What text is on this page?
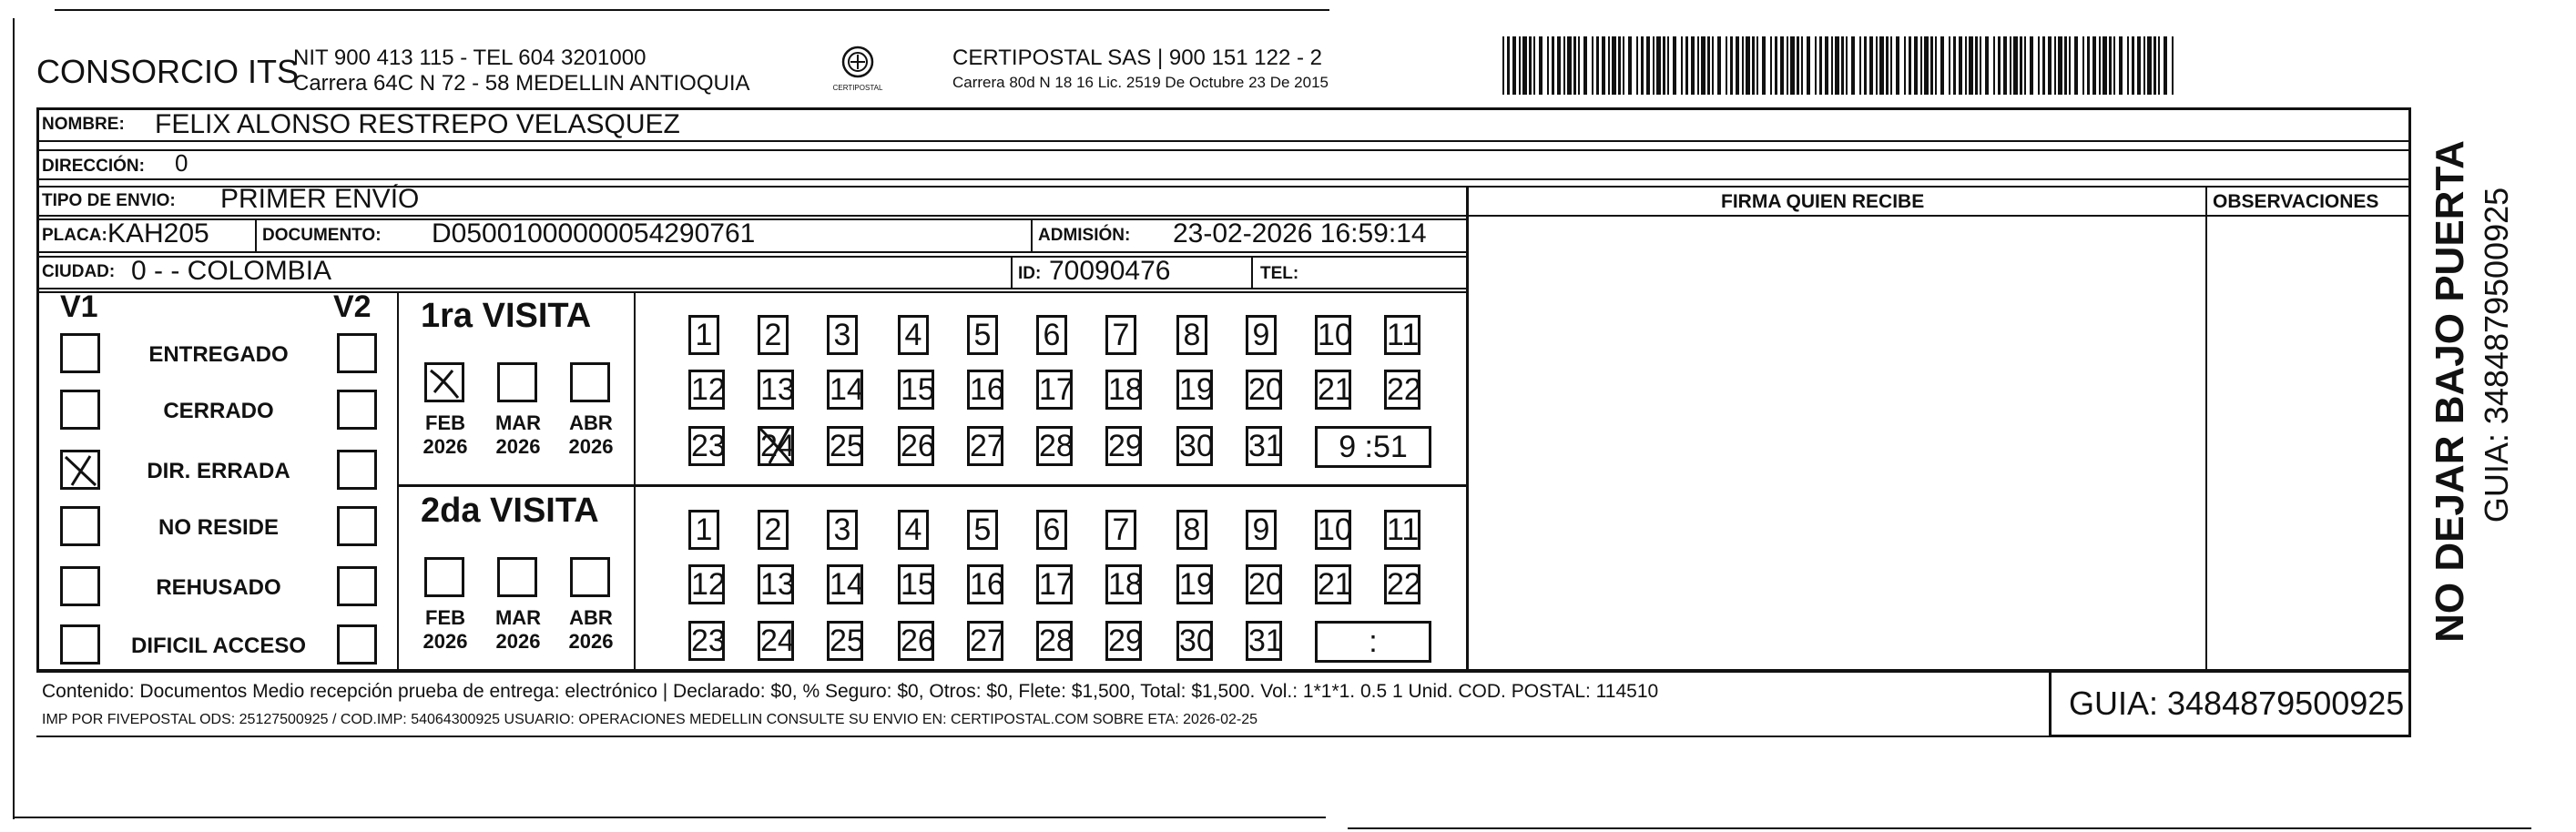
CONSORCIO ITS
NIT 900 413 115 - TEL 604 3201000
Carrera 64C N 72 - 58 MEDELLIN ANTIOQUIA	CERTIPOSTAL
CERTIPOSTAL SAS | 900 151 122 - 2
Carrera 80d N 18 16 Lic. 2519 De Octubre 23 De 2015
NOMBRE: FELIX ALONSO RESTREPO VELASQUEZ
DIRECCIÓN: 0
TIPO DE ENVIO: PRIMER ENVÍO	FIRMA QUIEN RECIBE	OBSERVACIONES
PLACA: KAH205	DOCUMENTO: D05001000000054290761	ADMISIÓN: 23-02-2026 16:59:14
CIUDAD: 0 - - COLOMBIA	ID: 70090476	TEL:
V1	V2
ENTREGADO
CERRADO
DIR. ERRADA
NO RESIDE
REHUSADO
DIFICIL ACCESO
1ra VISITA
FEB
2026
MAR
2026
ABR
2026
1 2 3 4 5 6 7 8 9 10 11
12 13 14 15 16 17 18 19 20 21 22
23 24 25 26 27 28 29 30 31	9 :51
2da VISITA
FEB
2026
MAR
2026
ABR
2026
1 2 3 4 5 6 7 8 9 10 11
12 13 14 15 16 17 18 19 20 21 22
23 24 25 26 27 28 29 30 31	:
Contenido: Documentos Medio recepción prueba de entrega: electrónico | Declarado: $0, % Seguro: $0, Otros: $0, Flete: $1,500, Total: $1,500. Vol.: 1*1*1. 0.5 1 Unid. COD. POSTAL: 114510
IMP POR FIVEPOSTAL ODS: 25127500925 / COD.IMP: 54064300925 USUARIO: OPERACIONES MEDELLIN CONSULTE SU ENVIO EN: CERTIPOSTAL.COM SOBRE ETA: 2026-02-25	GUIA: 3484879500925
NO DEJAR BAJO PUERTA GUIA: 3484879500925
